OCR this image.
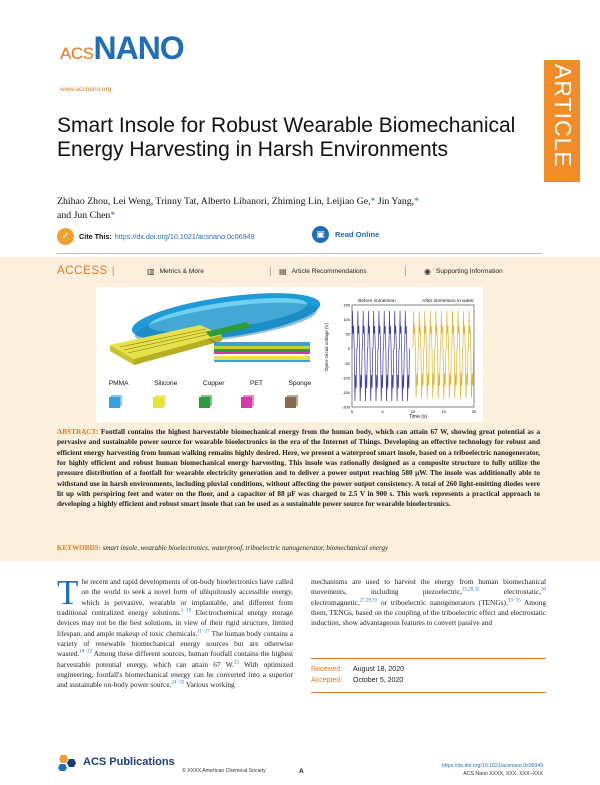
ACS NANO
www.acsnano.org	ARTICLE
Smart Insole for Robust Wearable Biomechanical Energy Harvesting in Harsh Environments
Zhihao Zhou, Lei Weng, Trinny Tat, Alberto Libanori, Zhiming Lin, Leijiao Ge,* Jin Yang,*
and Jun Chen*
✓	Cite This: https://dx.doi.org/10.1021/acsnano.0c06949	▣	Read Online
ACCESS |	▥ Metrics & More	| ▤ Article Recommendations	| ◉ Supporting Information
PMMA	Silicone	Copper	PET	Sponge
Open-circuit voltage (V)
Time (s)
Before immersion	After immersion in water
150
100
50
0
-50
-100
-150
-200
0	5	10	15	20
ABSTRACT: Footfall contains the highest harvestable biomechanical energy from the human body, which can attain 67 W, showing great potential as a pervasive and sustainable power source for wearable bioelectronics in the era of the Internet of Things. Developing an effective technology for robust and efficient energy harvesting from human walking remains highly desired. Here, we present a waterproof smart insole, based on a triboelectric nanogenerator, for highly efficient and robust human biomechanical energy harvesting. This insole was rationally designed as a composite structure to fully utilize the pressure distribution of a footfall for wearable electricity generation and to deliver a power output reaching 580 μW. The insole was additionally able to withstand use in harsh environments, including pluvial conditions, without affecting the power output consistency. A total of 260 light-emitting diodes were lit up with perspiring feet and water on the floor, and a capacitor of 88 μF was charged to 2.5 V in 900 s. This work represents a practical approach to developing a highly efficient and robust smart insole that can be used as a sustainable power source for wearable bioelectronics.
KEYWORDS: smart insole, wearable bioelectronics, waterproof, triboelectric nanogenerator, biomechanical energy
The recent and rapid developments of on-body bioelectronics have called on the world to seek a novel form of ubiquitously accessible energy, which is pervasive, wearable or implantable, and different from traditional centralized energy solutions.$^{1-10}$ Electrochemical energy storage devices may not be the best solutions, in view of their rigid structure, limited lifespan, and ample makeup of toxic chemicals.$^{11-17}$ The human body contains a variety of renewable biomechanical energy sources but are otherwise wasted.$^{18-22}$ Among these different sources, human footfall contains the highest harvestable potential energy, which can attain 67 W.$^{23}$ With optimized engineering, footfall's biomechanical energy can be converted into a superior and sustainable on-body power source.$^{24-32}$ Various working
mechanisms are used to harvest the energy from human biomechanical movements, including piezoelectric,$^{25,28,32}$ electrostatic,$^{30}$ electromagnetic,$^{27,29,31}$ or triboelectric nanogenerators (TENGs).$^{33-35}$ Among them, TENGs, based on the coupling of the triboelectric effect and electrostatic induction, show advantageous features to convert passive and
Received: August 18, 2020
Accepted: October 5, 2020
ACS Publications
© XXXX American Chemical Society	A
https://dx.doi.org/10.1021/acsnano.0c06949
ACS Nano XXXX, XXX, XXX−XXX
